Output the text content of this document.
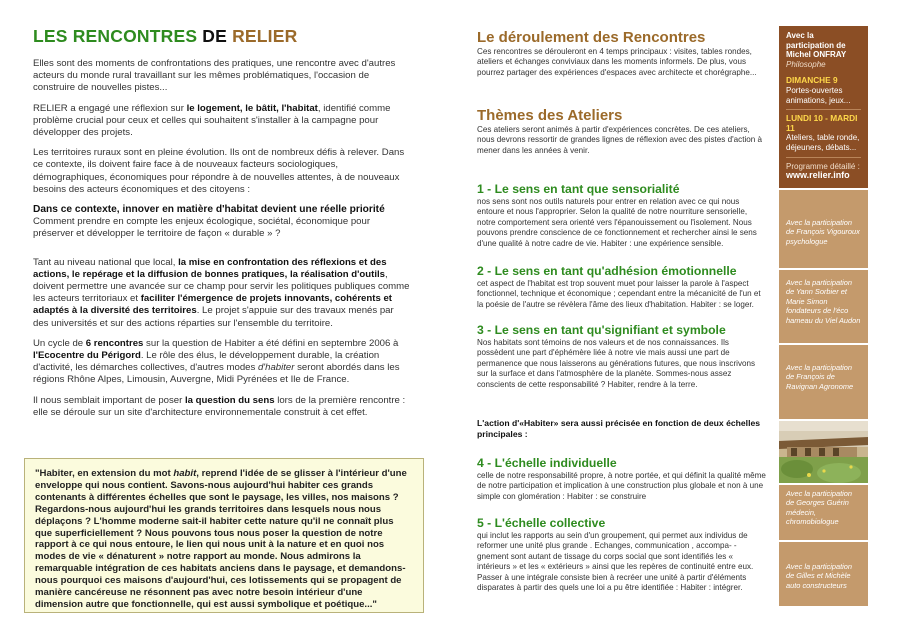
LES RENCONTRES DE RELIER

Elles sont des moments de confrontations des pratiques, une rencontre avec d'autres acteurs du monde rural travaillant sur les mêmes problématiques, l'occasion de construire de nouvelles pistes...

RELIER a engagé une réflexion sur le logement, le bâtit, l'habitat, identifié comme problème crucial pour ceux et celles qui souhaitent s'installer à la campagne pour développer des projets.

Les territoires ruraux sont en pleine évolution. Ils ont de nombreux défis à relever. Dans ce contexte, ils doivent faire face à de nouveaux facteurs sociologiques, démographiques, économiques pour répondre à de nouvelles attentes, à de nouveaux besoins des acteurs économiques et des citoyens :

Dans ce contexte, innover en matière d'habitat devient une réelle priorité
Comment prendre en compte les enjeux écologique, sociétal, économique pour préserver et développer le territoire de façon « durable » ?

Tant au niveau national que local, la mise en confrontation des réflexions et des actions, le repérage et la diffusion de bonnes pratiques, la réalisation d'outils, doivent permettre une avancée sur ce champ pour servir les politiques publiques comme les acteurs territoriaux et faciliter l'émergence de projets innovants, cohérents et adaptés à la diversité des territoires. Le projet s'appuie sur des travaux menés par des universités et sur des actions réparties sur l'ensemble du territoire.

Un cycle de 6 rencontres sur la question de Habiter a été défini en septembre 2006 à l'Ecocentre du Périgord. Le rôle des élus, le développement durable, la création d'activité, les démarches collectives, d'autres modes d'habiter seront abordés dans les régions Rhône Alpes, Limousin, Auvergne, Midi Pyrénées et Ile de France.

Il nous semblait important de poser la question du sens lors de la première rencontre : elle se déroule sur un site d'architecture environnementale construit à cet effet.

"Habiter, en extension du mot habit, reprend l'idée de se glisser à l'intérieur d'une enveloppe qui nous contient. Savons-nous aujourd'hui habiter ces grands contenants à différentes échelles que sont le paysage, les villes, nos maisons ? Regardons-nous aujourd'hui les grands territoires dans lesquels nous nous déplaçons ? L'homme moderne sait-il habiter cette nature qu'il ne connaît plus que superficiellement ? Nous pouvons tous nous poser la question de notre rapport à ce qui nous entoure, le lien qui nous unit à la nature et en quoi nos modes de vie « dénaturent » notre rapport au monde. Nous admirons la remarquable intégration de ces habitats anciens dans le paysage, et demandons-nous pourquoi ces maisons d'aujourd'hui, ces lotissements qui se propagent de manière cancéreuse ne résonnent pas avec notre besoin intérieur d'une dimension autre que fonctionnelle, qui est aussi symbolique et poétique..."

Le déroulement des Rencontres

Ces rencontres se dérouleront en 4 temps principaux : visites, tables rondes, ateliers et échanges conviviaux dans les moments informels. De plus, vous pourrez partager des expériences d'espaces avec architecte et chorégraphe...

Thèmes des Ateliers

Ces ateliers seront animés à partir d'expériences concrètes. De ces ateliers, nous devrons ressortir de grandes lignes de réflexion avec des pistes d'action à mener dans les années à venir.

1 - Le sens en tant que sensorialité

nos sens sont nos outils naturels pour entrer en relation avec ce qui nous entoure et nous l'approprier. Selon la qualité de notre nourriture sensorielle, notre comportement sera orienté vers l'épanouissement ou l'isolement. Nous pouvons prendre conscience de ce fonctionnement et rechercher ainsi le sens d'une qualité à notre cadre de vie. Habiter : une expérience sensible.

2 - Le sens en tant qu'adhésion émotionnelle

cet aspect de l'habitat est trop souvent muet pour laisser la parole à l'aspect fonctionnel, technique et économique ; cependant entre la mécanicité de l'un et la poésie de l'autre se révèlera l'âme des lieux d'habitation. Habiter : se loger.

3 - Le sens en tant qu'signifiant et symbole

Nos habitats sont témoins de nos valeurs et de nos connaissances. Ils possèdent une part d'éphémère liée à notre vie mais aussi une part de permanence que nous laisserons au générations futures, que nous inscrivons sur la surface et dans l'atmosphère de la planète. Sommes-nous assez conscients de cette responsabilité ? Habiter, rendre à la terre.

L'action d'«Habiter» sera aussi précisée en fonction de deux échelles principales :

4 - L'échelle individuelle

celle de notre responsabilité propre, à notre portée, et qui définit la qualité même de notre participation et implication à une construction plus globale et non à une simple con glomération : Habiter : se construire

5 - L'échelle collective

qui inclut les rapports au sein d'un groupement, qui permet aux individus de reformer une unité plus grande . Echanges, communication , accompa- - gnement sont autant de tissage du corps social que sont identifiés les « intérieurs » et les « extérieurs » ainsi que les repères de continuité entre eux. Passer à une intégrale consiste bien à recréer une unité à partir d'éléments disparates à partir des quels une loi a pu être identifiée : Habiter : intégrer.

Avec la participation de Michel ONFRAY

Philosophe

DIMANCHE 9

Portes-ouvertes animations, jeux...

LUNDI 10 - MARDI 11

Ateliers, table ronde, déjeuners, débats...

Programme détaillé :

www.relier.info

Avec la participation de François Vigouroux psychologue

Avec la participation de Yann Sorbier et Marie Simon fondateurs de l'éco hameau du Viel Audon

Avec la participation de François de Ravignan Agronome

Avec la participation de Georges Guérin médecin, chromobiologue

Avec la participation de Gilles et Michèle auto constructeurs
